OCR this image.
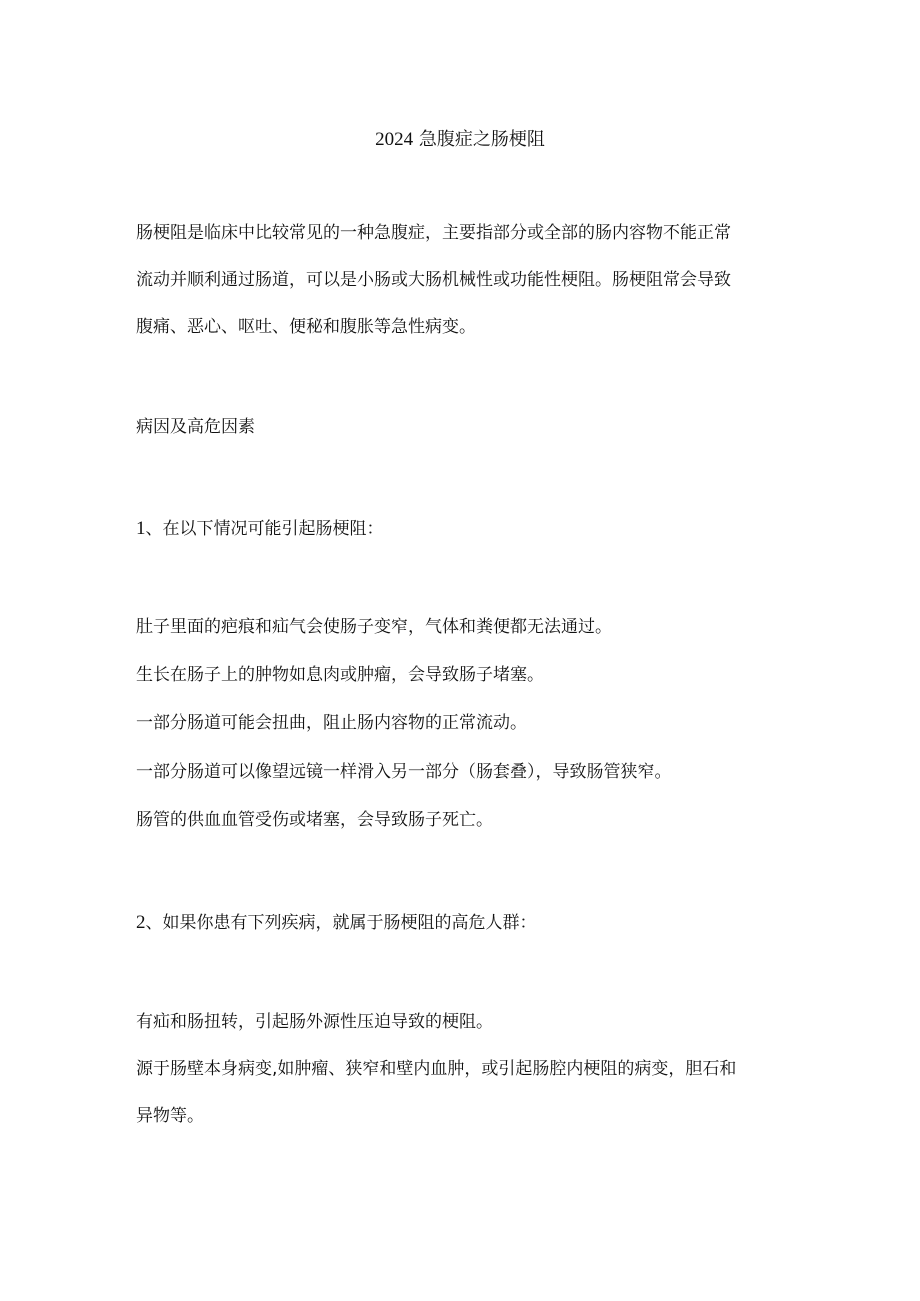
2024 急腹症之肠梗阻
肠梗阻是临床中比较常见的一种急腹症，主要指部分或全部的肠内容物不能正常
流动并顺利通过肠道，可以是小肠或大肠机械性或功能性梗阻。肠梗阻常会导致
腹痛、恶心、呕吐、便秘和腹胀等急性病变。
病因及高危因素
1、在以下情况可能引起肠梗阻：
肚子里面的疤痕和疝气会使肠子变窄，气体和粪便都无法通过。
生长在肠子上的肿物如息肉或肿瘤，会导致肠子堵塞。
一部分肠道可能会扭曲，阻止肠内容物的正常流动。
一部分肠道可以像望远镜一样滑入另一部分（肠套叠），导致肠管狭窄。
肠管的供血血管受伤或堵塞，会导致肠子死亡。
2、如果你患有下列疾病，就属于肠梗阻的高危人群：
有疝和肠扭转，引起肠外源性压迫导致的梗阻。
源于肠壁本身病变,如肿瘤、狭窄和壁内血肿，或引起肠腔内梗阻的病变，胆石和
异物等。
